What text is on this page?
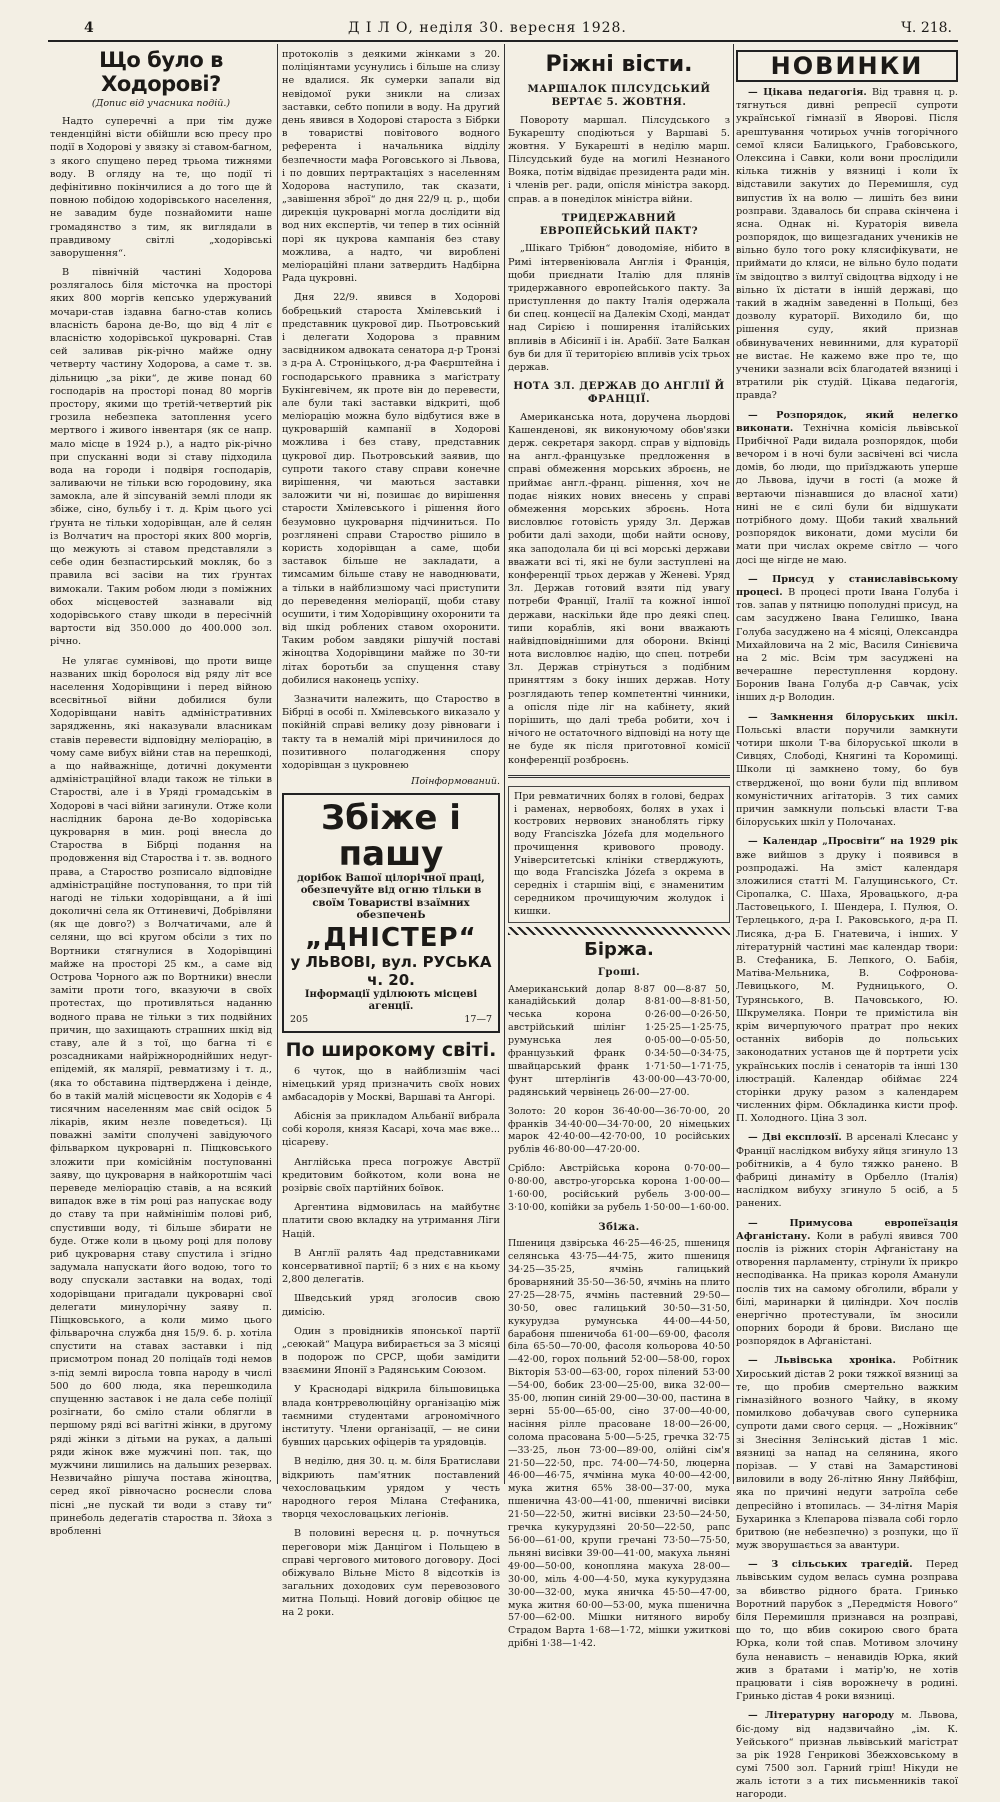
4	Д І Л О, неділя 30. вересня 1928.	Ч. 218.
Що було в Ходорові?
(Допис від учасника подій.)

Надто суперечні а при тім дуже тенденційні вісти обійшли всю пресу про події в Ходорові у звязку зі ставом-багном, з якого спущено перед трьома тижнями воду. В огляду на те, що події ті дефінітивно покінчилися а до того ще й повною побідою ходорівського населення, не завадим буде познайомити наше громадянство з тим, як виглядали в правдивому світлі „ходорівські заворушення“.

В північній частині Ходорова розлягалось біля місточка на просторі яких 800 моргів кепсько удержуваний мочари-став іздавна багно-став колись власність барона де-Во, що від 4 літ є власністю ходорівської цукроварні. Став сей заливав рік-річно майже одну четверту частину Ходорова, а саме т. зв. дільницю „за ріки“, де живе понад 60 господарів на просторі понад 80 моргів простору, якими що третій-четвертий рік грозила небезпека затоплення усего мертвого і живого інвентаря (як се напр. мало місце в 1924 р.), а надто рік-річно при спусканні води зі ставу підходила вода на городи і подвіря господарів, заливаючи не тільки всю городовину, яка замокла, але й зіпсуваній землі плоди як збіже, сіно, бульбу і т. д. Крім цього усі ґрунта не тільки ходорівщан, але й селян із Волчатич на просторі яких 800 моргів, що межують зі ставом представляли з себе один безпастирський мокляк, бо з правила всі засіви на тих ґрунтах вимокали. Таким робом люди з поміжних обох місцевостей зазнавали від ходорівського ставу шкоди в пересічній вартости від 350.000 до 400.000 зол. річно.

Не улягає сумнівові, що проти вище названих шкід боролося від ряду літ все населення Ходорівщини і перед війною всесвітньої війни добилися були Ходорівщани навіть адміністративних зарядженнь, які наказували власникам ставів перевести відповідну меліорацію, в чому саме вибух війни став на перешкоді, а що найважніще, дотичні документи адміністраційної влади також не тільки в Старостві, але і в Уряді громадськім в Ходорові в часі війни загинули. Отже коли наслідник барона де-Во ходорівська цукроварня в мин. році внесла до Староства в Бібрці подання на продовження від Староства і т. зв. водного права, а Староство розписало відповідне адміністраційне поступовання, то при тій нагоді не тільки ходорівщани, а й іші доколичні села як Оттиневичі, Добрівляни (як ще довго?) з Волчатичами, але й селяни, що всі кругом обсіли з тих по Вортники стягнулися в Ходорівщині майже на просторі 25 км., а саме від Острова Чорного аж по Вортники) внесли заміти проти того, вказуючи в своїх протестах, що противляться наданню водного права не тільки з тих подвійних причин, що захищають страшних шкід від ставу, але й з тої, що багна ті є розсадниками найріжнороднійших недуг-епідемій, як малярії, ревматизму і т. д., (яка то обставина підтверджена і деінде, бо в такій малій місцевости як Ходорів є 4 тисячним населенням має свій осідок 5 лікарів, яким незле поведеться). Ці поважні заміти сполучені завідуючого фільварком цукроварні п. Піщковського зложити при комісійнім поступованні заяву, що цукроварня в найкоротшім часі переведе меліорацію ставів, а на всякий випадок вже в тім році раз напускає воду до ставу та при наймінішім полові риб, спустивши воду, ті більше збирати не буде. Отже коли в цьому році для полову риб цукроварня ставу спустила і згідно задумала напускати його водою, того то воду спускали заставки на водах, тоді ходорівщани пригадали цукроварні свої делегати минулорічну заяву п. Піщковського, а коли мимо цього фільварочна служба дня 15/9. б. р. хотіла спустити на ставах заставки і під присмотром понад 20 поліцаїв тоді немов з-під землі виросла товпа народу в числі 500 до 600 люда, яка перешкодила спущенню заставок і не дала себе поліції розігнати, бо сміло стали облягли в першому ряді всі вагітні жінки, в другому ряді жінки з дітьми на руках, а дальші ряди жінок вже мужчині поп. так, що мужчини лишились на дальших резервах. Незвичайно рішуча постава жіноцтва, серед якої рівночасно роснесли слова пісні „не пускай ти води з ставу ти“ принеболь дедегатів староства п. Зйоха з вробленні

протоколів з деякими жінками з 20. поліціянтами усунулись і більше на слизу не вдалися. Як сумерки запали від невідомої руки зникли на слизах заставки, себто попили в воду. На другий день явився в Ходорові староста з Бібрки в товаристві повітового водного референта і начальника відділу безпечности мафа Роговського зі Львова, і по довших пертрактаціях з населенням Ходорова наступило, так сказати, „завішення зброї“ до дня 22/9 ц. р., щоби дирекція цукроварні могла дослідити від вод них експертів, чи тепер в тих осінній порі як цукрова кампанія без ставу можлива, а надто, чи вироблені меліораційні плани затвердить Надбірна Рада цукровні.

Дня 22/9. явився в Ходорові бобрецький староста Хмілевський і представник цукрової дир. Пьотровський і делегати Ходорова з правним засвідником адвоката сенатора д-р Тронзі з д-ра А. Строніцького, д-ра Фаєрштейна і господарського правника з маґістрату Букінгевічем, як проте він до перевести, але були такі заставки відкриті, щоб меліорацію можна було відбутися вже в цукроваршій кампанії в Ходорові можлива і без ставу, представник цукрової дир. Пьотровський заявив, що супроти такого ставу справи конечне вирішення, чи маються заставки заложити чи ні, позишає до вирішення старости Хмілевського і рішення його безумовно цукроварня підчиниться. По розглянені справи Староство рішило в користь ходорівщан а саме, щоби заставок більше не закладати, а тимсамим більше ставу не наводнювати, а тільки в найблизшому часі приступити до переведення меліорації, щоби ставу осушити, і тим Ходорівщину охоронити та від шкід роблених ставом охоронити. Таким робом завдяки рішучій поставі жіноцтва Ходорівщини майже по 30-ти літах боротьби за спущення ставу добилися наконець успіху.

Зазначити належить, що Староство в Бібрці в особі п. Хмілевського виказало у покійній справі велику дозу рівноваги і такту та в немалій мірі причинилося до позитивного полагодження спору ходорівщан з цукровнею

Поінформований.
Збіже і пашу
дорібок Вашої цілорічної праці, обезпечуйте від огню тільки в своїм Товаристві взаїмних обезпеченЬ
„ДНІСТЕР“
у ЛЬВОВІ, вул. РУСЬКА ч. 20.
Інформації уділюють місцеві агенції.
205	17—7
По широкому світі.

6 чуток, що в найблизшім часі німецький уряд призначить своїх нових амбасадорів у Москві, Варшаві та Ангорі.

Абіснія за прикладом Альбанії вибрала собі короля, князя Касарі, хоча має вже... цісареву.

Англійська преса погрожує Австрії кредитовим бойкотом, коли вона не розірвіє своїх партійних боївок.

Аргентина відмовилась на майбутнє платити свою вкладку на утримання Ліги Націй.

В Англії ралять 4ад представниками консервативної партії; 6 з них є на кьому 2,800 делегатів.

Шведський уряд зголосив свою димісію.

Один з провідників японської партії „сеюкай“ Мацура вибирається за 3 місяці в подорож по СРСР, щоби замідити взаємини Японії з Радянським Союзом.

У Краснодарі відкрила більшовицька влада контрреволюційну організацію між таємними студентами агрономічного інституту. Члени організації, — не сини бувших царських офіцерів та урядовців.

В неділю, дня 30. ц. м. біля Братислави відкриють пам'ятник поставлений чехословацьким урядом у честь народного героя Мілана Стефаника, творця чехословацьких легіонів.

В половині вересня ц. р. почнуться переговори між Данцігом і Польщею в справі чергового митового договору. Досі обіжувало Вільне Місто 8 відсотків із загальних доходових сум перевозового митна Польщі. Новий договір обіцює це на 2 роки.

Ріжні вісти.
МАРШАЛОК ПІЛСУДСЬКИЙ ВЕРТАЄ 5. ЖОВТНЯ.

Поворотy маршал. Пілсудського з Букарешту сподіються у Варшаві 5. жовтня. У Букарешті в неділю марш. Пілсудський буде на могилі Незнаного Вояка, потім відвідає президента ради мін. і членів рег. ради, опісля міністра закорд. справ. а в понеділок міністра війни.

ТРИДЕРЖАВНИЙ ЕВРОПЕЙСЬКИЙ ПАКТ?

„Шікаго Трібюн“ доводоміяе, нібито в Римі інтервеніювала Англія і Франція, щоби приєднати Італію для плянів тридержавного европейського пакту. За приступлення до пакту Італія одержала би спец. концесії на Далекім Сході, мандат над Сирією і поширення італійських впливів в Абісинії і ін. Арабії. Зате Балкан був би для її територією впливів усіх трьох держав.

НОТА ЗЛ. ДЕРЖАВ ДО АНГЛІЇ Й ФРАНЦІЇ.

Американська нота, доручена льордові Кашенденові, як виконуючому обов'язки держ. секретаря закорд. справ у відповідь на англ.-французьке предложення в справі обмеження морських зброєнь, не приймає англ.-франц. рішення, хоч не подає ніяких нових внесень у справі обмеження морських зброєнь. Нота висловлює готовість уряду Зл. Держав робити далі заходи, щоби найти основу, яка заподолала би ці всі морські держави вважати всі ті, які не були заступлені на конференції трьох держав у Женеві. Уряд Зл. Держав готовий взяти під увагу потреби Франції, Італії та кожної іншої держави, наскільки йде про деякі спец. типи кораблів, які вони вважають найвідповіднішими для оборони. Вкінці нота висловлює надію, що спец. потреби Зл. Держав стрінуться з подібним приняттям з боку інших держав. Ноту розглядають тепер компетентні чинники, а опісля піде ліг на кабінету, який порішить, що далі треба робити, хоч і нічого не остаточного відповіді на ноту ще не буде як після приготовної комісії конференції розброєнь.

При ревматичних болях в голові, бедрах і раменах, нервобоях, болях в ухах і кострових нервових знаноблять гірку воду Franciszka Józefa для модельного прочищення кривового проводу. Університетські клініки стверджують, що вода Franciszka Józefa з окрема в середніх і старшім віці, є знаменитим середником прочищуючим жолудок і кишки.
Біржа.
Гроші.

Американський долар 8·87 00—8·87 50, канадійський долар 8·81·00—8·81·50, чеська корона 0·26·00—0·26·50, австрійський шілінг 1·25·25—1·25·75, румунська лея 0·05·00—0·05·50, французький франк 0·34·50—0·34·75, швайцарський франк 1·71·50—1·71·75, фунт штерлінґів 43·00·00—43·70·00, радянський червінець 26·00—27·00.

Золото: 20 корон 36·40·00—36·70·00, 20 франків 34·40·00—34·70·00, 20 німецьких марок 42·40·00—42·70·00, 10 російських рублів 46·80·00—47·20·00.

Срібло: Австрійська корона 0·70·00—0·80·00, австро-угорська корона 1·00·00—1·60·00, російський рубель 3·00·00—3·10·00, копійки за рубель 1·50·00—1·60·00.

Збіжа.

Пшениця дзвірська 46·25—46·25, пшениця селянська 43·75—44·75, жито пшениця 34·25—35·25, ячмінь галицький броварняний 35·50—36·50, ячмінь на плито 27·25—28·75, ячмінь пастевний 29·50—30·50, овес галицький 30·50—31·50, кукурудза румунська 44·00—44·50, барабоня пшеничоба 61·00—69·00, фасоля біла 65·50—70·00, фасоля кольорова 40·50—42·00, горох польний 52·00—58·00, горох Вікторія 53·00—63·00, горох пілений 53·00—54·00, бобик 23·00—25·00, вика 32·00—35·00, люпин синій 29·00—30·00, пастина в зерні 55·00—65·00, сіно 37·00—40·00, насіння рілле прасоване 18·00—26·00, солома прасована 5·00—5·25, гречка 32·75—33·25, льон 73·00—89·00, олійні сім'я 21·50—22·50, прс. 74·00—74·50, люцерна 46·00—46·75, ячмінна мука 40·00—42·00, мука житня 65% 38·00—37·00, мука пшенична 43·00—41·00, пшеничні висівки 21·50—22·50, житні висівки 23·50—24·50, гречка кукурудзяні 20·50—22·50, рапс 56·00—61·00, крупи гречані 73·50—75·50, льняні висівки 39·00—41·00, макуха льняні 49·00—50·00, конопляна макуха 28·00—30·00, міль 4·00—4·50, мука кукурудзяна 30·00—32·00, мука яничка 45·50—47·00, мука житня 60·00—53·00, мука пшенична 57·00—62·00. Мішки нитяного виробу Страдом Варта 1·68—1·72, мішки ужиткові дрібні 1·38—1·42.

НОВИНКИ

— Цікава педагогія. Від травня ц. р. тягнуться дивні репресії супроти української гімназії в Яворові. Після арештування чотирьох учнів тогорічного семої кляси Балицького, Грабовського, Олексина і Савки, коли вони прослідили кілька тижнів у вязниці і коли їх відставили закутих до Перемишля, суд випустив їх на волю — лишіть без вини розправи. Здавалось би справа скінчена і ясна. Однак ні. Кураторія вивела розпорядок, що вищезгаданих учеників не вільно було тогo року клясифікувати, не приймати до кляси, не вільно було подати їм звідоцтво з вилтуї свідоцтва відходу і не вільно їх дістати в іншій державі, що такий в жаднім заведенні в Польщі, без дозволу кураторії. Виходило би, що рішення суду, який признав обвинувачених невинними, для кураторії не вистає. Не кажемо вже про те, що ученики зазнали всіх благодатей вязниці і втратили рік студій. Цікава педагогія, правда?

— Розпорядок, який нелегко виконати. Технічна комісія львівської Прибічної Ради видала розпорядок, щоби вечором і в ночі були засвічені всі числа домів, бо люди, що приїзджають уперше до Львова, ідучи в гості (а може й вертаючи пізнавшися до власної хати) нині не є силі були би відшукати потрібного дому. Щоби такий хвальний розпорядок виконати, доми мусіли би мати при числах окреме світло — чого досі ще нігде не маю.

— Присуд у станиславівському процесі. В процесі проти Івана Голуба і тов. запав у пятницю пополудні присуд, на сам засуджено Івана Гелишко, Івана Голуба засуджено на 4 місяці, Олександра Михайловича на 2 міс, Василя Синієвича на 2 міс. Всім трм засуджені на вечерашне переступлення кордону. Боронив Івана Голуба д-р Савчак, усіх інших д-р Володин.

— Замкнення білоруських шкіл. Польські власти поручили замкнути чотири школи Т-ва білоруської школи в Сивцях, Слободі, Княгині та Коромищі. Школи ці замкнено тому, бо був ствердженої, що вони були під впливом комуністичних агітаторів. З тих самих причин замкнули польські власти Т-ва білоруських шкіл у Полочанах.

— Календар „Просвіти“ на 1929 рік вже вийшов з друку і появився в розпродажі. На зміст календаря зложилися статті М. Галущинського, Ст. Сіропалка, С. Шаха, Яровацького, д-ра Ластовецького, І. Шендера, І. Пулюя, О. Терлецького, д-ра І. Раковського, д-ра П. Лисяка, д-ра Б. Гнатевича, і інших. У літературній частині має календар твори: В. Стефаника, Б. Лепкого, О. Бабія, Матіва-Мельника, В. Софронова-Левицького, М. Рудницького, О. Турянського, В. Пачовського, Ю. Шкрумеляка. Понри те примістила він крім вичерпуючого пратрат про неких останніх виборів до польських законодатних установ ще й портрети усіх українських послів і сенаторів та інші 130 ілюстрацій. Календар обіймає 224 сторінки друку разом з календарем численних фірм. Обкладинка кисти проф. П. Холодного. Ціна 3 зол.

— Дві експлозії. В арсеналі Клесанс у Франції наслідком вибуху яйця згинуло 13 робітників, а 4 було тяжко ранено. В фабриці динаміту в Орбелло (Італія) наслідком вибуху згинуло 5 осіб, а 5 ранених.

— Примусова европеїзація Афганістану. Коли в рабулі явився 700 послів із ріжних сторін Афганістану на отворення парламенту, стрінули їх прикро несподіванка. На приказ короля Аманули послів тих на самому обголили, вбрали у білі, маринарки й циліндри. Хоч послів енергічно протестували, їм зносили опорних бороди й брови. Вислано ще розпорядок в Афганістані.

— Львівська хроніка. Робітник Хироський дістав 2 роки тяжкої вязниці за те, що пробив смертельно важким гімназійного возного Чайку, в якому помилково добачував свого суперника супроти дами свого серця. — „Ножівник“ зі Знесіння Зелінський дістав 1 міс. вязниці за напад на селянина, якого порізав. — У ставі на Замарстинові виловили в воду 26-літню Янну Ляйбфіш, яка по причині недуги затроїла себе депресійно і втопилась. — 34-літня Марія Бухаринка з Клепарова пізвала собі горло бритвою (не небезпечно) з розпуки, що її муж зворушається за авантури.

— З сільських трагедій. Перед львівським судом велась сумна розправа за вбивство рідного брата. Гринько Воротний парубок з „Передмістя Нового“ біля Перемишля признався на розправі, що то, що вбив сокирою свого брата Юрка, коли той спав. Мотивом злочину була ненависть ‒ ненавидів Юрка, який жив з братами і матір'ю, не хотів працювати і сіяв ворожнечу в родині. Гринько дістав 4 роки вязниці.

— Літературну нагороду м. Львова, біс-дому від надзвичайно „ім. К. Уейського“ признав львівський магістрат за рік 1928 Генрикові Збежховському в сумі 7500 зол. Гарний гріш! Нікуди не жаль істоти з а тих письменників такої нагороди.
